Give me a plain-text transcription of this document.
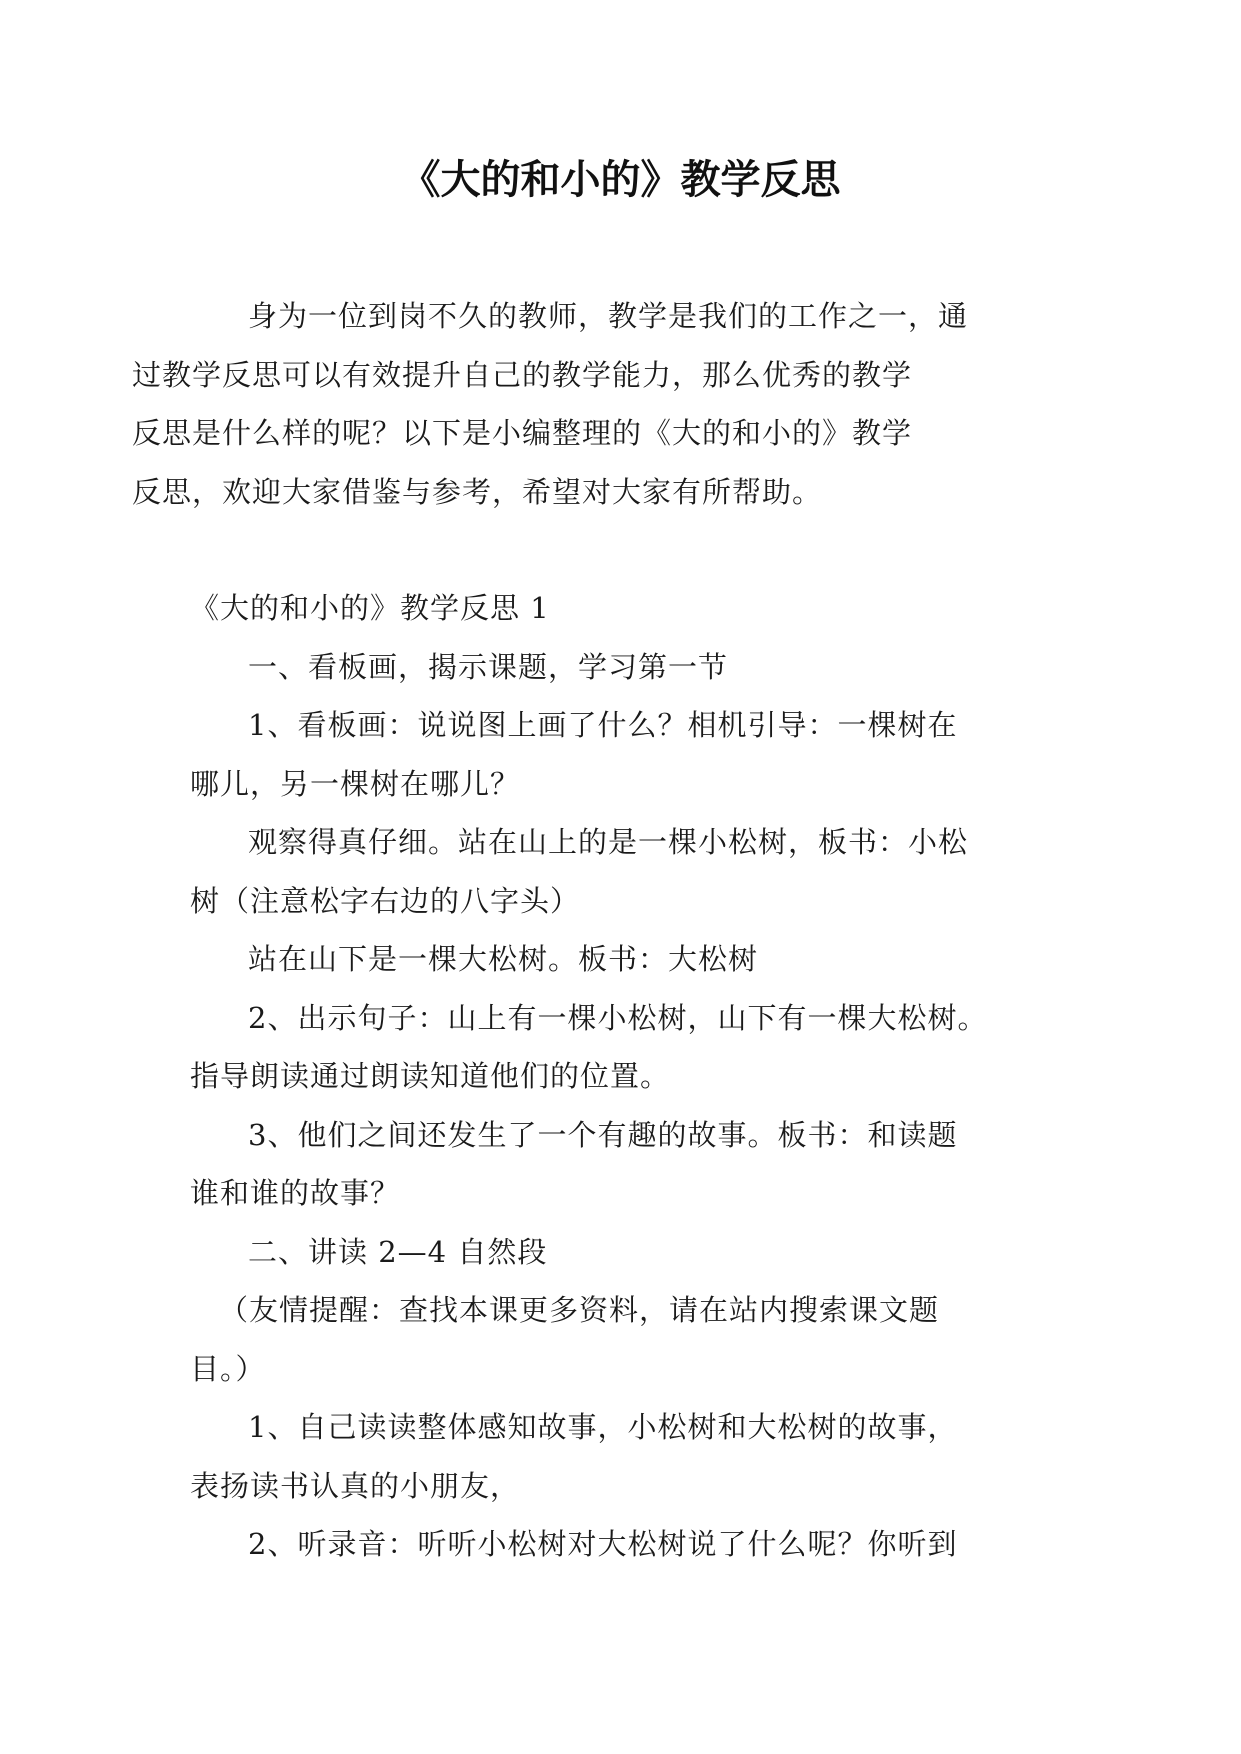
《大的和小的》教学反思

身为一位到岗不久的教师，教学是我们的工作之一，通
过教学反思可以有效提升自己的教学能力，那么优秀的教学
反思是什么样的呢？以下是小编整理的《大的和小的》教学
反思，欢迎大家借鉴与参考，希望对大家有所帮助。

《大的和小的》教学反思 1

一、看板画，揭示课题，学习第一节

1、看板画：说说图上画了什么？相机引导：一棵树在
哪儿，另一棵树在哪儿？

观察得真仔细。站在山上的是一棵小松树，板书：小松
树（注意松字右边的八字头）

站在山下是一棵大松树。板书：大松树

2、出示句子：山上有一棵小松树，山下有一棵大松树。
指导朗读通过朗读知道他们的位置。

3、他们之间还发生了一个有趣的故事。板书：和读题
谁和谁的故事？

二、讲读 2—4 自然段

（友情提醒：查找本课更多资料，请在站内搜索课文题
目。）

1、自己读读整体感知故事，小松树和大松树的故事，
表扬读书认真的小朋友，

2、听录音：听听小松树对大松树说了什么呢？你听到
